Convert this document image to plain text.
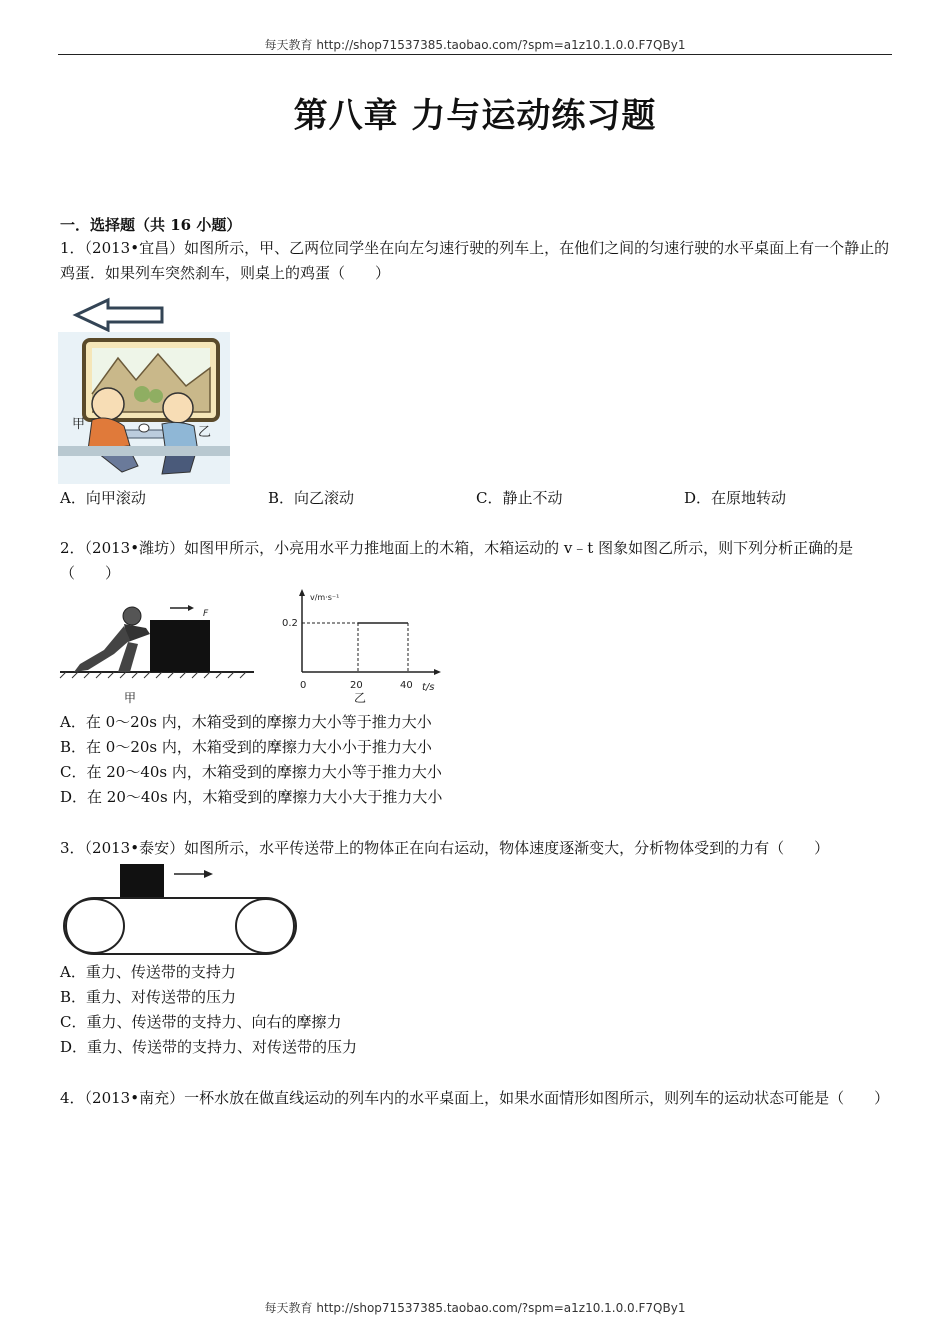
每天教育 http://shop71537385.taobao.com/?spm=a1z10.1.0.0.F7QBy1
每天教育 http://shop71537385.taobao.com/?spm=a1z10.1.0.0.F7QBy1
第八章 力与运动练习题
一．选择题（共 16 小题）
1．（2013•宜昌）如图所示，甲、乙两位同学坐在向左匀速行驶的列车上，在他们之间的匀速行驶的水平桌面上有一个静止的鸡蛋．如果列车突然刹车，则桌上的鸡蛋（　　）
甲
乙
A．向甲滚动	B．向乙滚动	C．静止不动	D．在原地转动
2．（2013•潍坊）如图甲所示，小亮用水平力推地面上的木箱，木箱运动的 v﹣t 图象如图乙所示，则下列分析正确的是（　　）
F
甲
v/m·s⁻¹
t/s
0
0.2
20	40
乙
A．在 0～20s 内，木箱受到的摩擦力大小等于推力大小
B．在 0～20s 内，木箱受到的摩擦力大小小于推力大小
C．在 20～40s 内，木箱受到的摩擦力大小等于推力大小
D．在 20～40s 内，木箱受到的摩擦力大小大于推力大小
3．（2013•泰安）如图所示，水平传送带上的物体正在向右运动，物体速度逐渐变大，分析物体受到的力有（　　）
A．重力、传送带的支持力
B．重力、对传送带的压力
C．重力、传送带的支持力、向右的摩擦力
D．重力、传送带的支持力、对传送带的压力
4．（2013•南充）一杯水放在做直线运动的列车内的水平桌面上，如果水面情形如图所示，则列车的运动状态可能是（　　）
